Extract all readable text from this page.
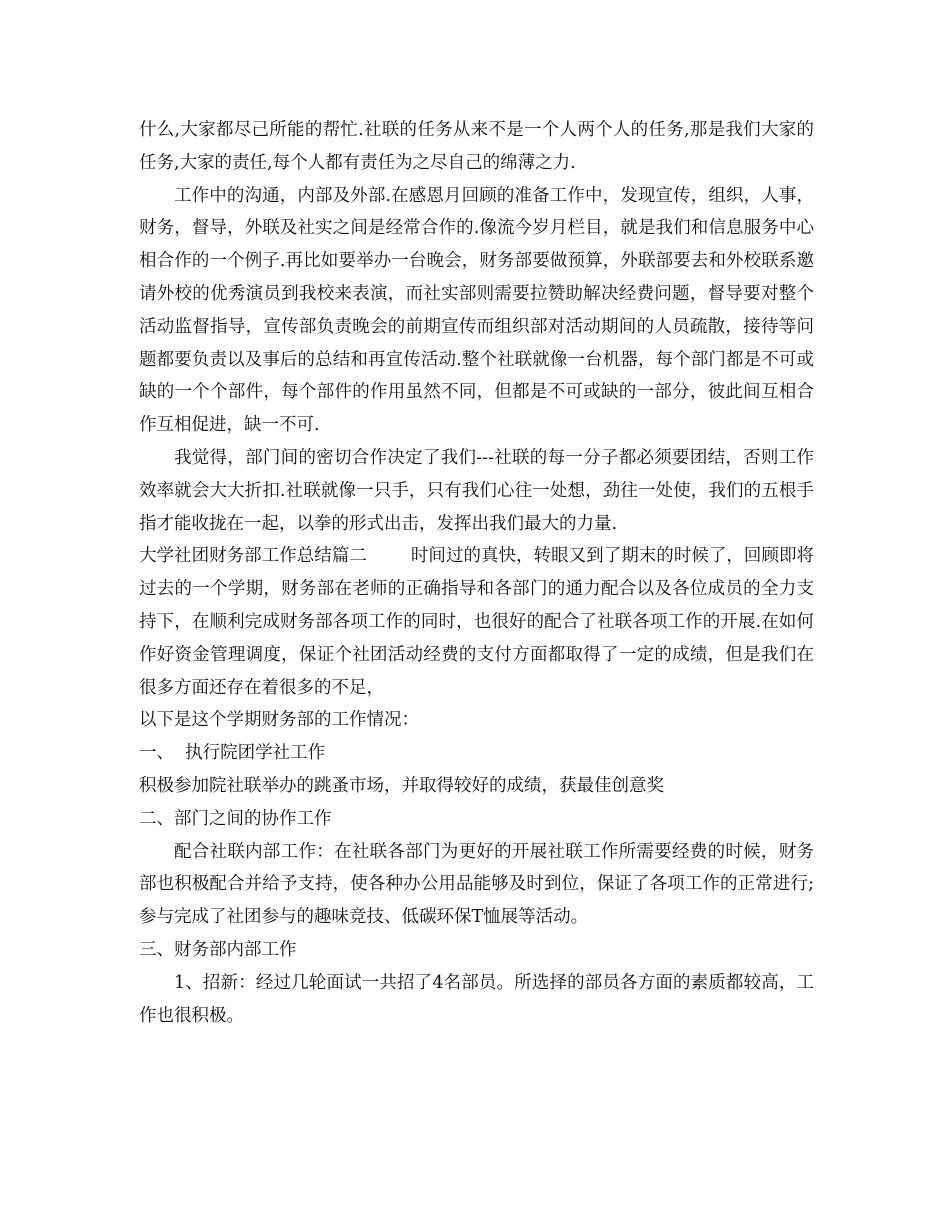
什么,大家都尽己所能的帮忙.社联的任务从来不是一个人两个人的任务,那是我们大家的任务,大家的责任,每个人都有责任为之尽自己的绵薄之力.

工作中的沟通，内部及外部.在感恩月回顾的准备工作中，发现宣传，组织，人事，财务，督导，外联及社实之间是经常合作的.像流今岁月栏目，就是我们和信息服务中心相合作的一个例子.再比如要举办一台晚会，财务部要做预算，外联部要去和外校联系邀请外校的优秀演员到我校来表演，而社实部则需要拉赞助解决经费问题，督导要对整个活动监督指导，宣传部负责晚会的前期宣传而组织部对活动期间的人员疏散，接待等问题都要负责以及事后的总结和再宣传活动.整个社联就像一台机器，每个部门都是不可或缺的一个个部件，每个部件的作用虽然不同，但都是不可或缺的一部分，彼此间互相合作互相促进，缺一不可.

我觉得，部门间的密切合作决定了我们---社联的每一分子都必须要团结，否则工作效率就会大大折扣.社联就像一只手，只有我们心往一处想，劲往一处使，我们的五根手指才能收拢在一起，以拳的形式出击，发挥出我们最大的力量.

大学社团财务部工作总结篇二	时间过的真快，转眼又到了期末的时候了，回顾即将过去的一个学期，财务部在老师的正确指导和各部门的通力配合以及各位成员的全力支持下，在顺利完成财务部各项工作的同时，也很好的配合了社联各项工作的开展.在如何作好资金管理调度，保证个社团活动经费的支付方面都取得了一定的成绩，但是我们在很多方面还存在着很多的不足，

以下是这个学期财务部的工作情况：

一、  执行院团学社工作

积极参加院社联举办的跳蚤市场，并取得较好的成绩，获最佳创意奖

二、部门之间的协作工作

配合社联内部工作：在社联各部门为更好的开展社联工作所需要经费的时候，财务部也积极配合并给予支持，使各种办公用品能够及时到位，保证了各项工作的正常进行;参与完成了社团参与的趣味竞技、低碳环保T恤展等活动。

三、财务部内部工作

1、招新：经过几轮面试一共招了4名部员。所选择的部员各方面的素质都较高，工作也很积极。
